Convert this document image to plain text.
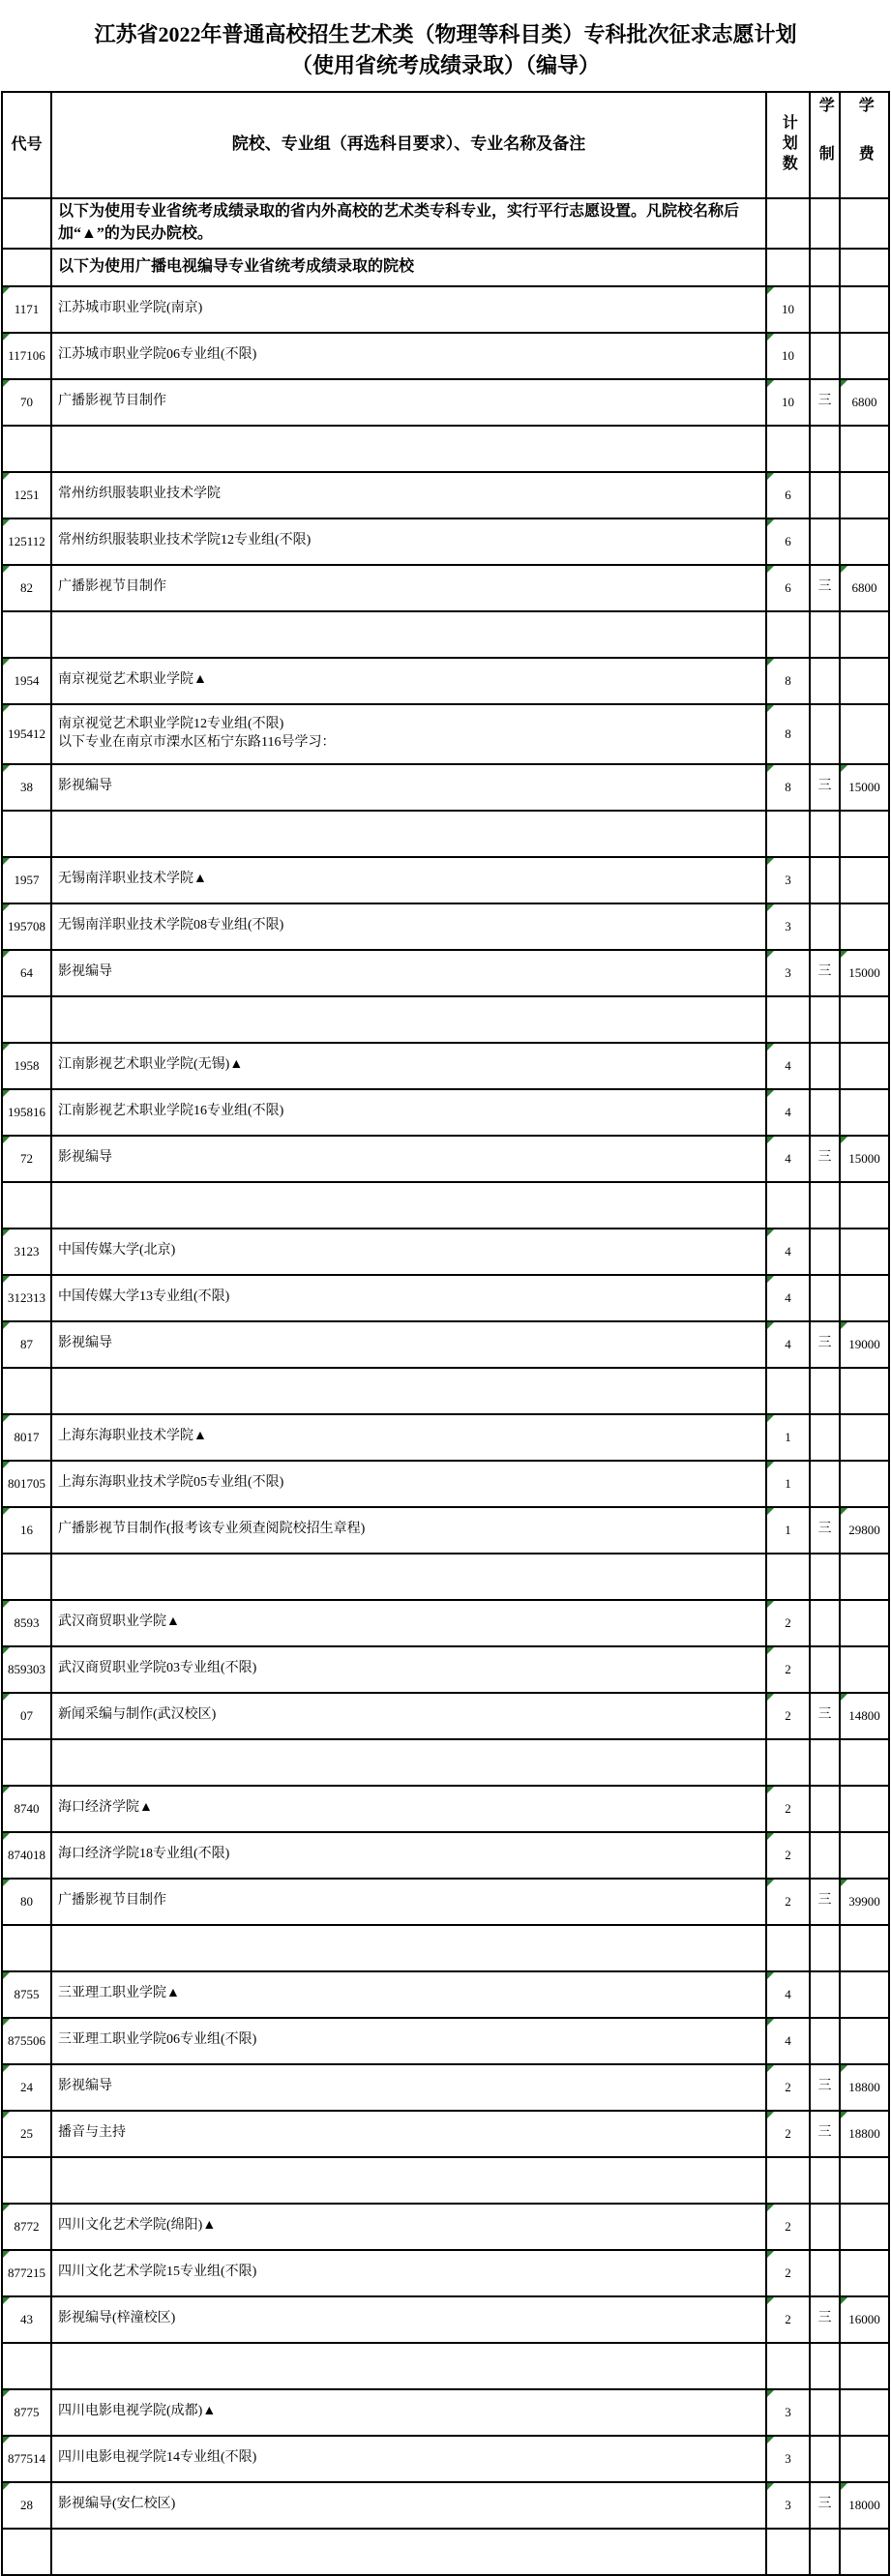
江苏省2022年普通高校招生艺术类（物理等科目类）专科批次征求志愿计划
（使用省统考成绩录取）（编导）
代号	院校、专业组（再选科目要求）、专业名称及备注	计划数	学制	学费

	以下为使用专业省统考成绩录取的省内外高校的艺术类专科专业，实行平行志愿设置。凡院校名称后加“▲”的为民办院校。			
	以下为使用广播电视编导专业省统考成绩录取的院校			
1171	江苏城市职业学院(南京)	10		
117106	江苏城市职业学院06专业组(不限)	10		
70	广播影视节目制作	10	三	6800

1251	常州纺织服装职业技术学院	6		
125112	常州纺织服装职业技术学院12专业组(不限)	6		
82	广播影视节目制作	6	三	6800

1954	南京视觉艺术职业学院▲	8		
195412	南京视觉艺术职业学院12专业组(不限)
以下专业在南京市溧水区柘宁东路116号学习：	8		
38	影视编导	8	三	15000

1957	无锡南洋职业技术学院▲	3		
195708	无锡南洋职业技术学院08专业组(不限)	3		
64	影视编导	3	三	15000

1958	江南影视艺术职业学院(无锡)▲	4		
195816	江南影视艺术职业学院16专业组(不限)	4		
72	影视编导	4	三	15000

3123	中国传媒大学(北京)	4		
312313	中国传媒大学13专业组(不限)	4		
87	影视编导	4	三	19000

8017	上海东海职业技术学院▲	1		
801705	上海东海职业技术学院05专业组(不限)	1		
16	广播影视节目制作(报考该专业须查阅院校招生章程)	1	三	29800

8593	武汉商贸职业学院▲	2		
859303	武汉商贸职业学院03专业组(不限)	2		
07	新闻采编与制作(武汉校区)	2	三	14800

8740	海口经济学院▲	2		
874018	海口经济学院18专业组(不限)	2		
80	广播影视节目制作	2	三	39900

8755	三亚理工职业学院▲	4		
875506	三亚理工职业学院06专业组(不限)	4		
24	影视编导	2	三	18800
25	播音与主持	2	三	18800

8772	四川文化艺术学院(绵阳)▲	2		
877215	四川文化艺术学院15专业组(不限)	2		
43	影视编导(梓潼校区)	2	三	16000

8775	四川电影电视学院(成都)▲	3		
877514	四川电影电视学院14专业组(不限)	3		
28	影视编导(安仁校区)	3	三	18000
